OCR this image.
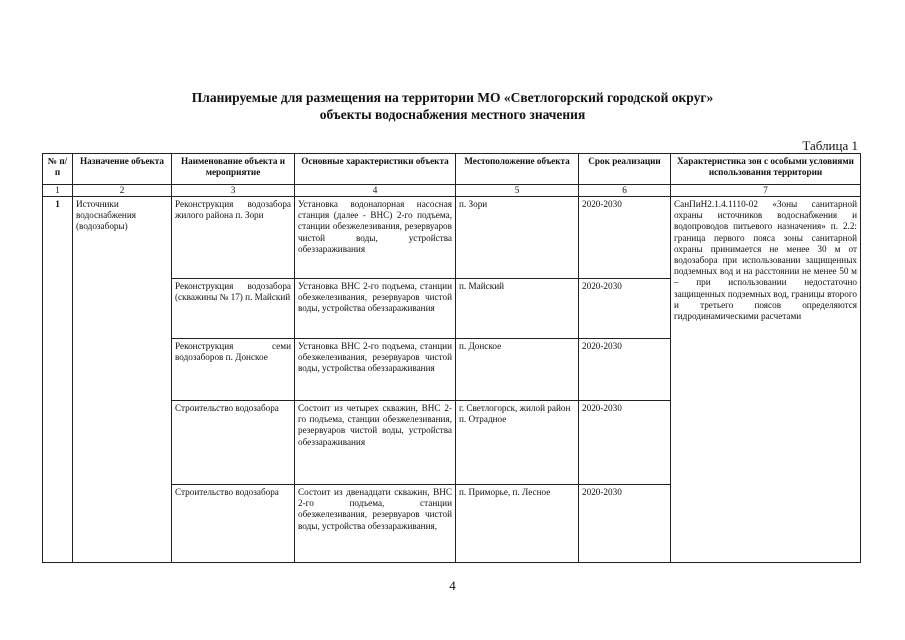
Планируемые для размещения на территории МО «Светлогорский городской округ»
объекты водоснабжения местного значения
Таблица 1
№ п/п	Назначение объекта	Наименование объекта и мероприятие	Основные характеристики объекта	Местоположение объекта	Срок реализации	Характеристика зон с особыми условиями использования территории
1	2	3	4	5	6	7
1	Источники водоснабжения (водозаборы)	Реконструкция водозабора жилого района п. Зори	Установка водонапорная насосная станция (далее - ВНС) 2-го подъема, станции обезжелезивания, резервуаров чистой воды, устройства обеззараживания	п. Зори	2020-2030	СанПиН2.1.4.1110-02 «Зоны санитарной охраны источников водоснабжения и водопроводов питьевого назначения» п. 2.2: граница первого пояса зоны санитарной охраны принимается не менее 30 м от водозабора при использовании защищенных подземных вод и на расстоянии не менее 50 м – при использовании недостаточно защищенных подземных вод, границы второго и третьего поясов определяются гидродинамическими расчетами
		Реконструкция водозабора (скважины № 17) п. Майский	Установка ВНС 2-го подъема, станции обезжелезивания, резервуаров чистой воды, устройства обеззараживания	п. Майский	2020-2030	
		Реконструкция семи водозаборов п. Донское	Установка ВНС 2-го подъема, станции обезжелезивания, резервуаров чистой воды, устройства обеззараживания	п. Донское	2020-2030	
		Строительство водозабора	Состоит из четырех скважин, ВНС 2-го подъема, станции обезжелезивания, резервуаров чистой воды, устройства обеззараживания	г. Светлогорск, жилой район п. Отрадное	2020-2030	
		Строительство водозабора	Состоит из двенадцати скважин, ВНС 2-го подъема, станции обезжелезивания, резервуаров чистой воды, устройства обеззараживания,	п. Приморье, п. Лесное	2020-2030	
4
